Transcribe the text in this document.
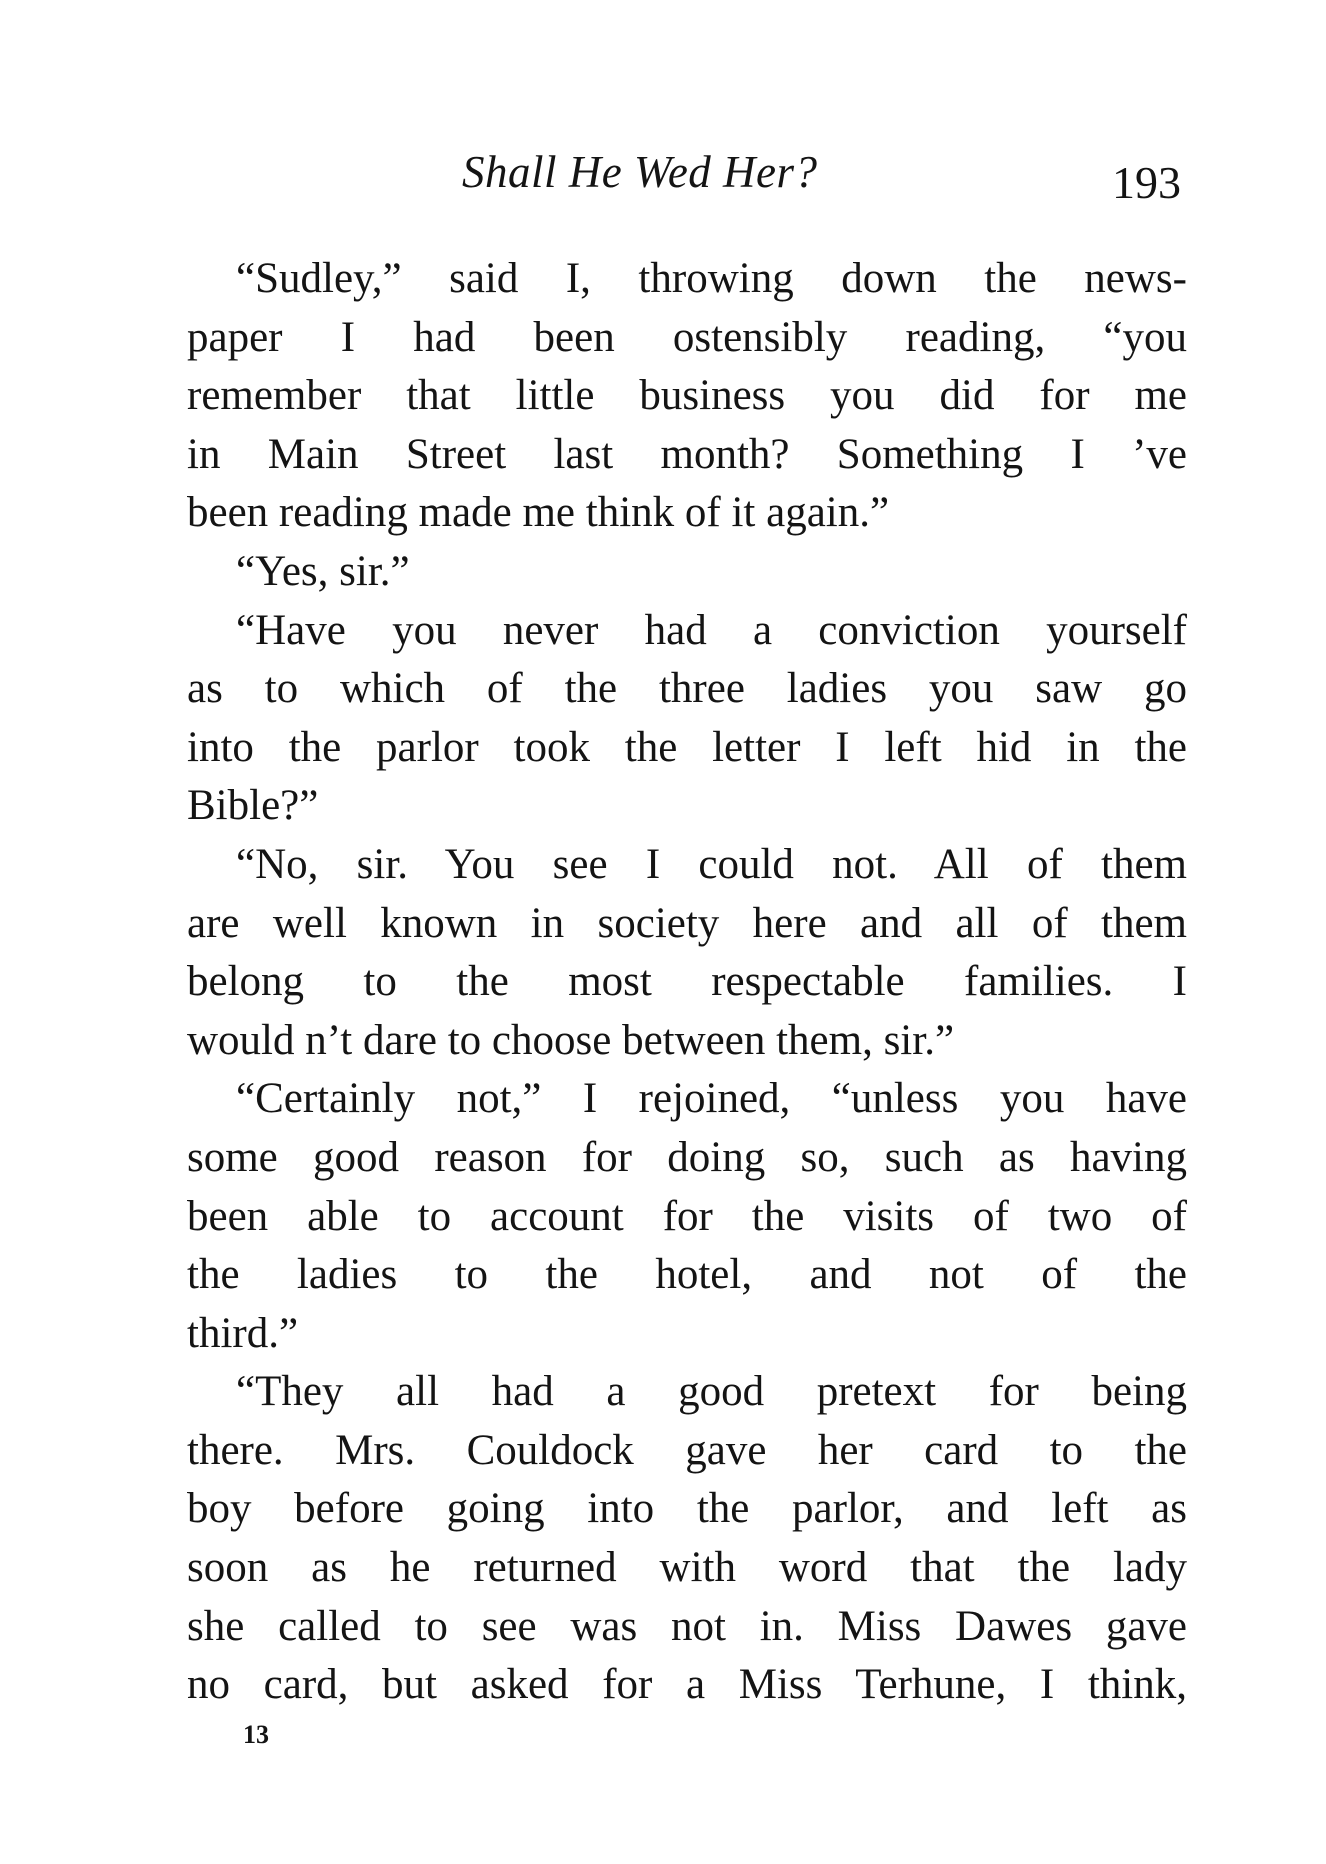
Shall He Wed Her?	193
“Sudley,” said I, throwing down the news-
paper I had been ostensibly reading, “you
remember that little business you did for me
in Main Street last month? Something I ’ve
been reading made me think of it again.”
“Yes, sir.”
“Have you never had a conviction yourself
as to which of the three ladies you saw go
into the parlor took the letter I left hid in the
Bible?”
“No, sir. You see I could not. All of them
are well known in society here and all of them
belong to the most respectable families. I
would n’t dare to choose between them, sir.”
“Certainly not,” I rejoined, “unless you have
some good reason for doing so, such as having
been able to account for the visits of two of
the ladies to the hotel, and not of the
third.”
“They all had a good pretext for being
there. Mrs. Couldock gave her card to the
boy before going into the parlor, and left as
soon as he returned with word that the lady
she called to see was not in. Miss Dawes gave
no card, but asked for a Miss Terhune, I think,
13
